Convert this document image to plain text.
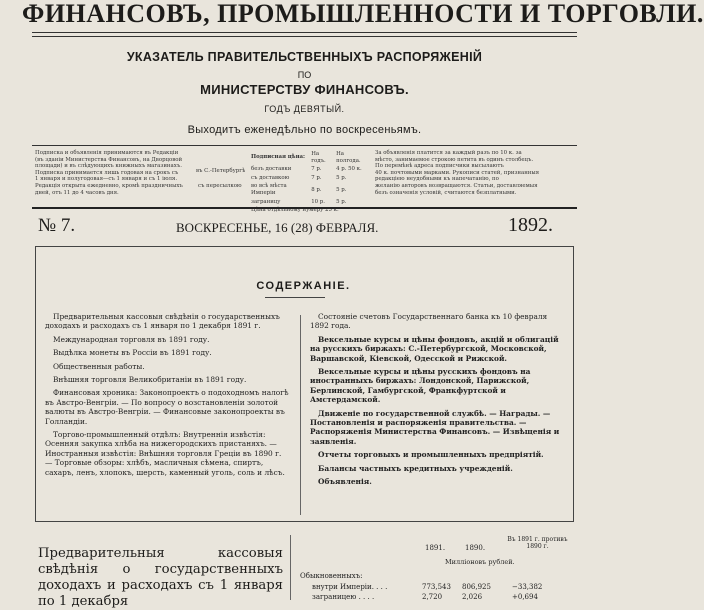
ФИНАНСОВЪ, ПРОМЫШЛЕННОСТИ И ТОРГОВЛИ.
УКАЗАТЕЛЬ ПРАВИТЕЛЬСТВЕННЫХЪ РАСПОРЯЖЕНІЙ
ПО
МИНИСТЕРСТВУ ФИНАНСОВЪ.
ГОДЪ ДЕВЯТЫЙ.
Выходитъ еженедѣльно по воскресеньямъ.
Подписка и объявленія принимаются въ Редакціи
(въ зданіи Министерства Финансовъ, на Дворцовой
площади) и въ слѣдующихъ книжныхъ магазинахъ.
Подписка принимается лишь годовая на срокъ съ
1 января и полугодовая—съ 1 января и съ 1 іюля.
Редакція открыта ежедневно, кромѣ праздничныхъ
дней, отъ 11 до 4 часовъ дня.
въ С.-Петербургѣ
съ пересылкою
Подписная цѣна:	На годъ.	На полгода.
безъ доставки	7 р.	4 р. 50 к.
съ доставкою	7 р.	5 р.
во всѣ мѣста Имперіи	8 р.	5 р.
заграницу	10 р.	5 р.
Цѣна отдѣльному нумеру 25 к.		
За объявленія платится за каждый разъ по 10 к. за
мѣсто, занимаемое строкою петита въ одинъ столбецъ.
По перемѣнѣ адреса подписчики высылаютъ
40 к. почтовыми марками. Рукописи статей, признанныя
редакціею неудобными къ напечатанію, по
желанію авторовъ возвращаются. Статьи, доставляемыя
безъ означенія условій, считаются безплатными.
№ 7.	ВОСКРЕСЕНЬЕ, 16 (28) ФЕВРАЛЯ.	1892.
СОДЕРЖАНІЕ.

Предварительныя кассовыя свѣдѣнія о государственныхъ доходахъ и расходахъ съ 1 января по 1 декабря 1891 г.

Международная торговля въ 1891 году.

Выдѣлка монеты въ Россіи въ 1891 году.

Общественныя работы.

Внѣшняя торговля Великобританіи въ 1891 году.

Финансовая хроника: Законопроектъ о подоходномъ налогѣ въ Австро-Венгріи. — По вопросу о возстановленіи золотой валюты въ Австро-Венгріи. — Финансовые законопроекты въ Голландіи.

Торгово-промышленный отдѣлъ: Внутреннія извѣстія: Осенняя закупка хлѣба на нижегородскихъ пристаняхъ. — Иностранныя извѣстія: Внѣшняя торговля Греціи въ 1890 г. — Торговые обзоры: хлѣбъ, масличныя сѣмена, спиртъ, сахаръ, ленъ, хлопокъ, шерсть, каменный уголь, соль и лѣсъ.

Состояніе счетовъ Государственнаго банка къ 10 февраля 1892 года.

Вексельные курсы и цѣны фондовъ, акцій и облигацій на русскихъ биржахъ: С.-Петербургской, Московской, Варшавской, Кіевской, Одесской и Рижской.

Вексельные курсы и цѣны русскихъ фондовъ на иностранныхъ биржахъ: Лондонской, Парижской, Берлинской, Гамбургской, Франкфуртской и Амстердамской.

Движеніе по государственной службѣ. — Награды. — Постановленія и распоряженія правительства. — Распоряженія Министерства Финансовъ. — Извѣщенія и заявленія.

Отчеты торговыхъ и промышленныхъ предпріятій.

Балансы частныхъ кредитныхъ учрежденій.

Объявленія.

Предварительныя кассовыя свѣдѣнія о государственныхъ доходахъ и расходахъ съ 1 января по 1 декабря
1891.	1890.
Въ 1891 г. противъ 1890 г.
Милліоновъ рублей.
Обыкновенныхъ:
внутри Имперіи. . . .	773,543 806,925	−33,382
заграницею . . . .	2,720	2,026	+0,694
